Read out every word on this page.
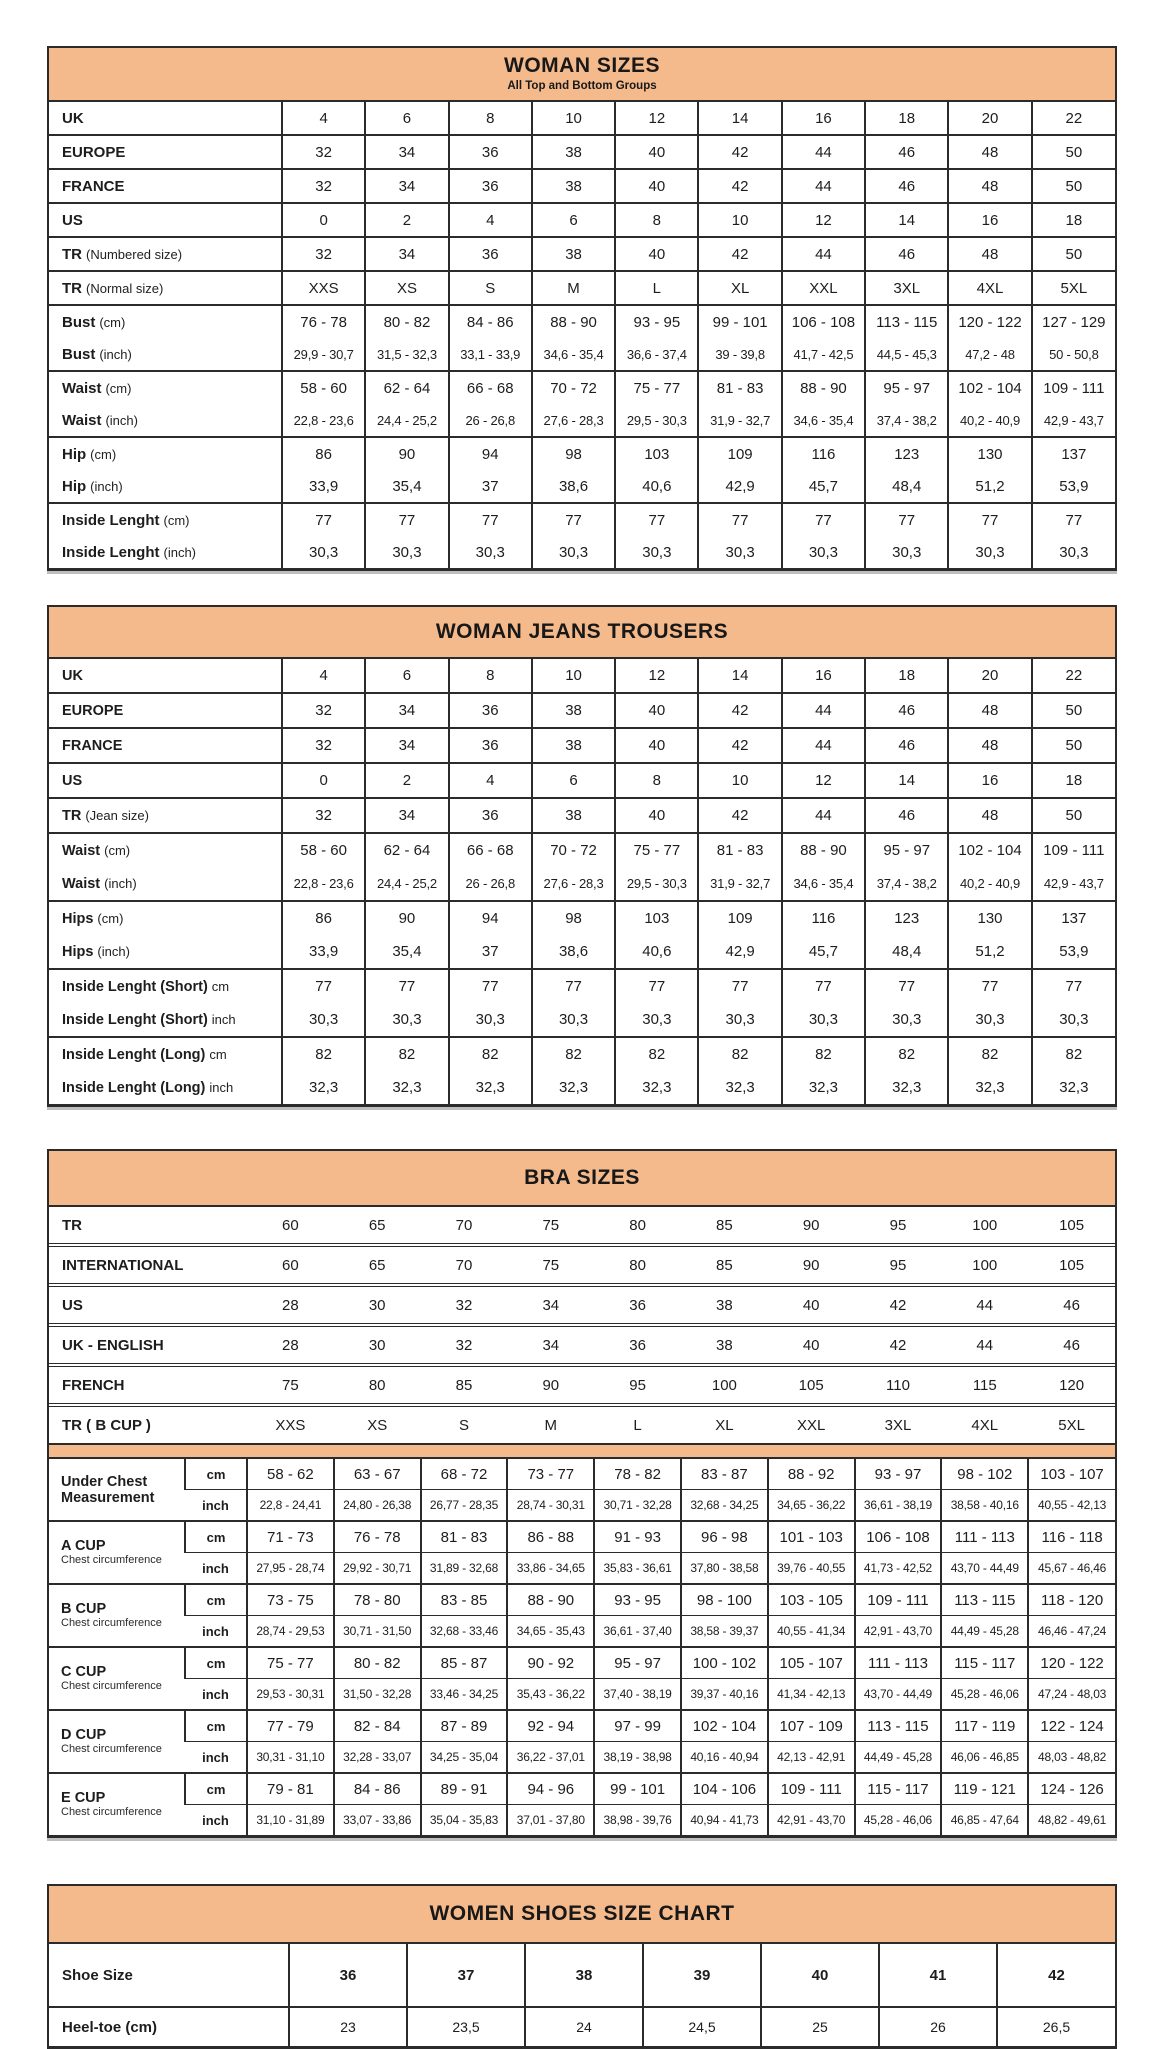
WOMAN SIZES
All Top and Bottom Groups
UK	4	6	8	10	12	14	16	18	20	22
EUROPE	32	34	36	38	40	42	44	46	48	50
FRANCE	32	34	36	38	40	42	44	46	48	50
US	0	2	4	6	8	10	12	14	16	18
TR (Numbered size)	32	34	36	38	40	42	44	46	48	50
TR (Normal size)	XXS	XS	S	M	L	XL	XXL	3XL	4XL	5XL
Bust (cm)	76 - 78	80 - 82	84 - 86	88 - 90	93 - 95	99 - 101	106 - 108	113 - 115	120 - 122	127 - 129
Bust (inch)	29,9 - 30,7	31,5 - 32,3	33,1 - 33,9	34,6 - 35,4	36,6 - 37,4	39 - 39,8	41,7 - 42,5	44,5 - 45,3	47,2 - 48	50 - 50,8
Waist (cm)	58 - 60	62 - 64	66 - 68	70 - 72	75 - 77	81 - 83	88 - 90	95 - 97	102 - 104	109 - 111
Waist (inch)	22,8 - 23,6	24,4 - 25,2	26 - 26,8	27,6 - 28,3	29,5 - 30,3	31,9 - 32,7	34,6 - 35,4	37,4 - 38,2	40,2 - 40,9	42,9 - 43,7
Hip (cm)	86	90	94	98	103	109	116	123	130	137
Hip (inch)	33,9	35,4	37	38,6	40,6	42,9	45,7	48,4	51,2	53,9
Inside Lenght (cm)	77	77	77	77	77	77	77	77	77	77
Inside Lenght (inch)	30,3	30,3	30,3	30,3	30,3	30,3	30,3	30,3	30,3	30,3
WOMAN JEANS TROUSERS
UK	4	6	8	10	12	14	16	18	20	22
EUROPE	32	34	36	38	40	42	44	46	48	50
FRANCE	32	34	36	38	40	42	44	46	48	50
US	0	2	4	6	8	10	12	14	16	18
TR (Jean size)	32	34	36	38	40	42	44	46	48	50
Waist (cm)	58 - 60	62 - 64	66 - 68	70 - 72	75 - 77	81 - 83	88 - 90	95 - 97	102 - 104	109 - 111
Waist (inch)	22,8 - 23,6	24,4 - 25,2	26 - 26,8	27,6 - 28,3	29,5 - 30,3	31,9 - 32,7	34,6 - 35,4	37,4 - 38,2	40,2 - 40,9	42,9 - 43,7
Hips (cm)	86	90	94	98	103	109	116	123	130	137
Hips (inch)	33,9	35,4	37	38,6	40,6	42,9	45,7	48,4	51,2	53,9
Inside Lenght (Short) cm	77	77	77	77	77	77	77	77	77	77
Inside Lenght (Short) inch	30,3	30,3	30,3	30,3	30,3	30,3	30,3	30,3	30,3	30,3
Inside Lenght (Long) cm	82	82	82	82	82	82	82	82	82	82
Inside Lenght (Long) inch	32,3	32,3	32,3	32,3	32,3	32,3	32,3	32,3	32,3	32,3
BRA SIZES
TR	60	65	70	75	80	85	90	95	100	105
INTERNATIONAL	60	65	70	75	80	85	90	95	100	105
US	28	30	32	34	36	38	40	42	44	46
UK - ENGLISH	28	30	32	34	36	38	40	42	44	46
FRENCH	75	80	85	90	95	100	105	110	115	120
TR ( B CUP )	XXS	XS	S	M	L	XL	XXL	3XL	4XL	5XL
Under Chest
Measurement	cm	58 - 62	63 - 67	68 - 72	73 - 77	78 - 82	83 - 87	88 - 92	93 - 97	98 - 102	103 - 107
	inch	22,8 - 24,41	24,80 - 26,38	26,77 - 28,35	28,74 - 30,31	30,71 - 32,28	32,68 - 34,25	34,65 - 36,22	36,61 - 38,19	38,58 - 40,16	40,55 - 42,13

A CUP
Chest circumference	cm	71 - 73	76 - 78	81 - 83	86 - 88	91 - 93	96 - 98	101 - 103	106 - 108	111 - 113	116 - 118
	inch	27,95 - 28,74	29,92 - 30,71	31,89 - 32,68	33,86 - 34,65	35,83 - 36,61	37,80 - 38,58	39,76 - 40,55	41,73 - 42,52	43,70 - 44,49	45,67 - 46,46

B CUP
Chest circumference	cm	73 - 75	78 - 80	83 - 85	88 - 90	93 - 95	98 - 100	103 - 105	109 - 111	113 - 115	118 - 120
	inch	28,74 - 29,53	30,71 - 31,50	32,68 - 33,46	34,65 - 35,43	36,61 - 37,40	38,58 - 39,37	40,55 - 41,34	42,91 - 43,70	44,49 - 45,28	46,46 - 47,24

C CUP
Chest circumference	cm	75 - 77	80 - 82	85 - 87	90 - 92	95 - 97	100 - 102	105 - 107	111 - 113	115 - 117	120 - 122
	inch	29,53 - 30,31	31,50 - 32,28	33,46 - 34,25	35,43 - 36,22	37,40 - 38,19	39,37 - 40,16	41,34 - 42,13	43,70 - 44,49	45,28 - 46,06	47,24 - 48,03

D CUP
Chest circumference	cm	77 - 79	82 - 84	87 - 89	92 - 94	97 - 99	102 - 104	107 - 109	113 - 115	117 - 119	122 - 124
	inch	30,31 - 31,10	32,28 - 33,07	34,25 - 35,04	36,22 - 37,01	38,19 - 38,98	40,16 - 40,94	42,13 - 42,91	44,49 - 45,28	46,06 - 46,85	48,03 - 48,82

E CUP
Chest circumference	cm	79 - 81	84 - 86	89 - 91	94 - 96	99 - 101	104 - 106	109 - 111	115 - 117	119 - 121	124 - 126
	inch	31,10 - 31,89	33,07 - 33,86	35,04 - 35,83	37,01 - 37,80	38,98 - 39,76	40,94 - 41,73	42,91 - 43,70	45,28 - 46,06	46,85 - 47,64	48,82 - 49,61
WOMEN SHOES SIZE CHART
Shoe Size	36	37	38	39	40	41	42
Heel-toe (cm)	23	23,5	24	24,5	25	26	26,5
